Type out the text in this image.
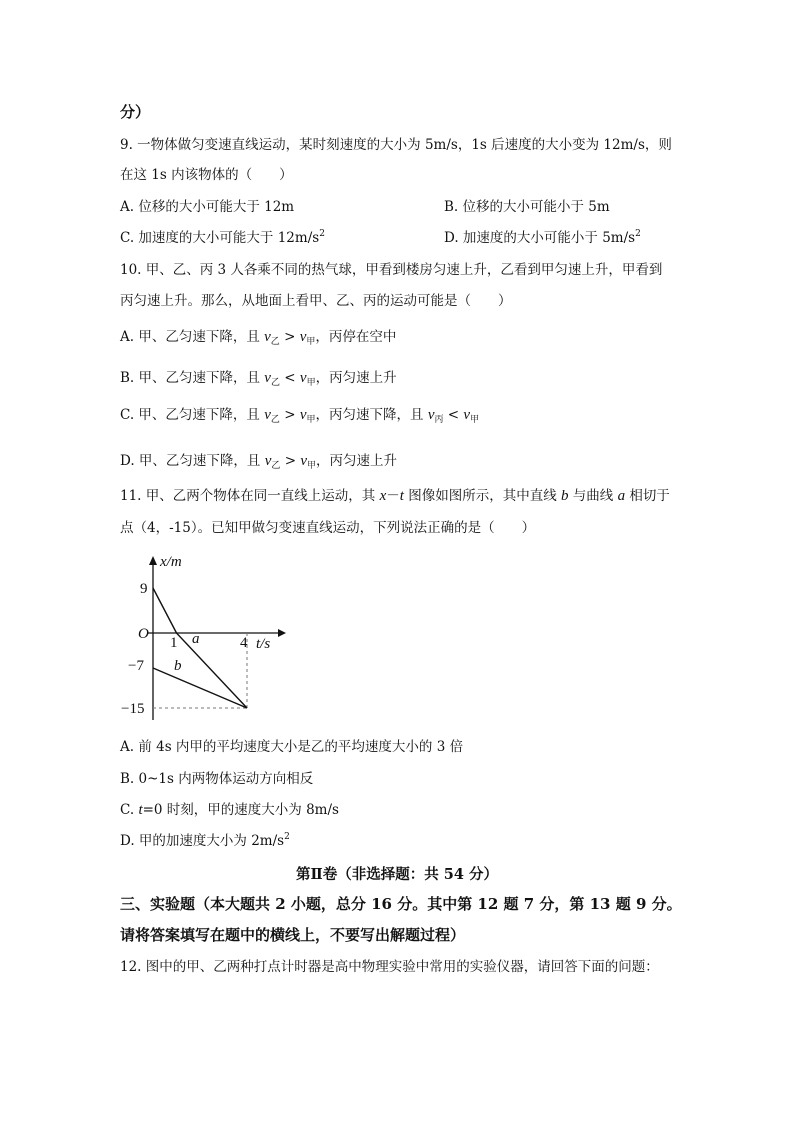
分）
9. 一物体做匀变速直线运动，某时刻速度的大小为 5m/s，1s 后速度的大小变为 12m/s，则
在这 1s 内该物体的（　　）
A. 位移的大小可能大于 12m	B. 位移的大小可能小于 5m
C. 加速度的大小可能大于 $12m/s^2$	D. 加速度的大小可能小于 $5m/s^2$
10. 甲、乙、丙 3 人各乘不同的热气球，甲看到楼房匀速上升，乙看到甲匀速上升，甲看到
丙匀速上升。那么，从地面上看甲、乙、丙的运动可能是（　　）
A. 甲、乙匀速下降，且 $v_乙 > v_甲$，丙停在空中
B. 甲、乙匀速下降，且 $v_乙 < v_甲$，丙匀速上升
C. 甲、乙匀速下降，且 $v_乙 > v_甲$，丙匀速下降，且 $v_丙 < v_甲$
D. 甲、乙匀速下降，且 $v_乙 > v_甲$，丙匀速上升
11. 甲、乙两个物体在同一直线上运动，其 x－t 图像如图所示，其中直线 b 与曲线 a 相切于
点（4，-15）。已知甲做匀变速直线运动，下列说法正确的是（　　）
x/m
t/s
O
9
−7
−15
1	4
a
b
A. 前 4s 内甲的平均速度大小是乙的平均速度大小的 3 倍
B. 0~1s 内两物体运动方向相反
C. t=0 时刻，甲的速度大小为 8m/s
D. 甲的加速度大小为 $2m/s^2$
第Ⅱ卷（非选择题：共 54 分）
三、实验题（本大题共 2 小题，总分 16 分。其中第 12 题 7 分，第 13 题 9 分。
请将答案填写在题中的横线上，不要写出解题过程）
12. 图中的甲、乙两种打点计时器是高中物理实验中常用的实验仪器，请回答下面的问题：
